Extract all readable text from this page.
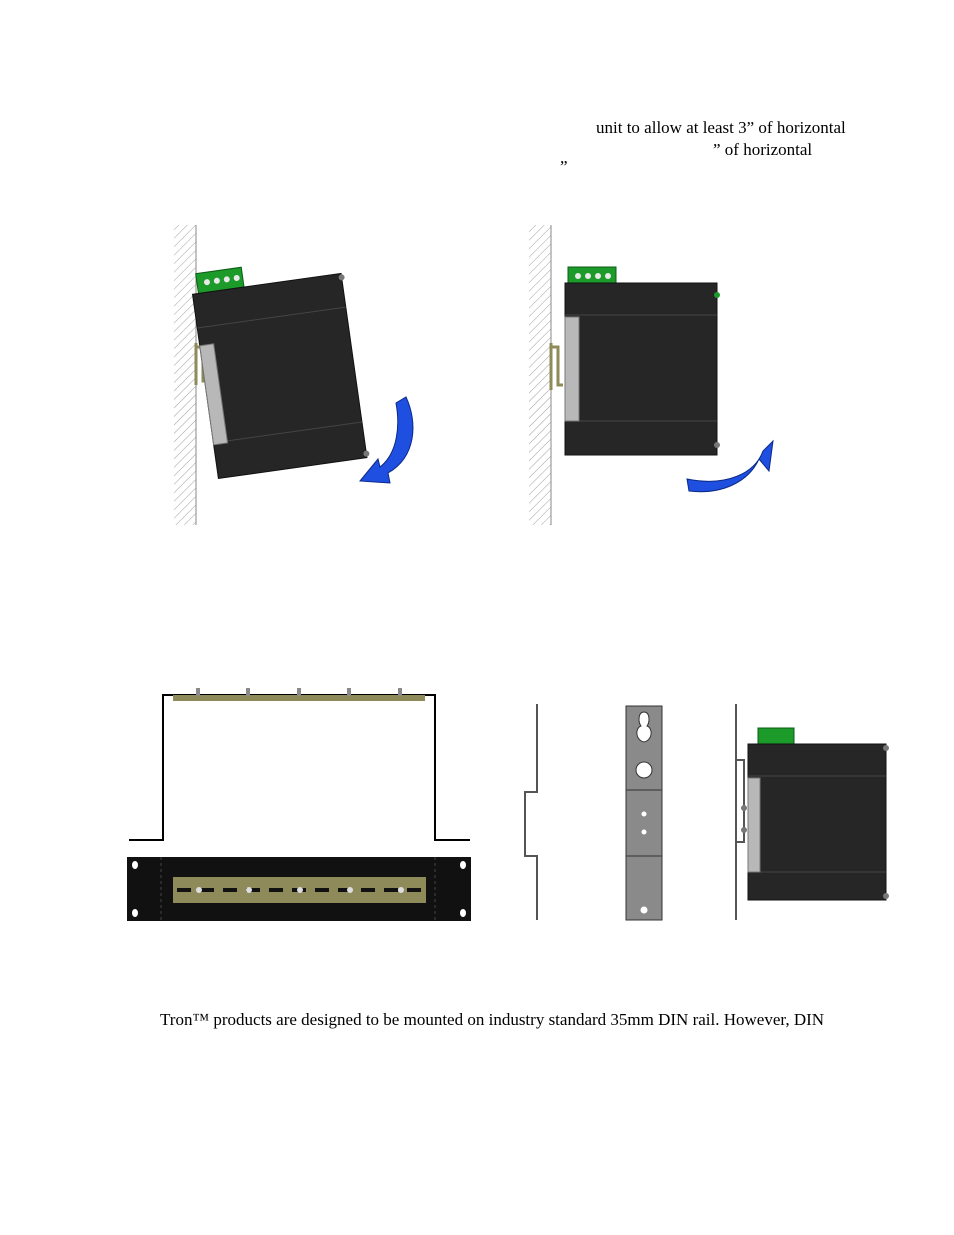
unit to allow at least 3” of horizontal
” of horizontal
”
Tron™ products are designed to be mounted on industry standard 35mm DIN rail. However, DIN
